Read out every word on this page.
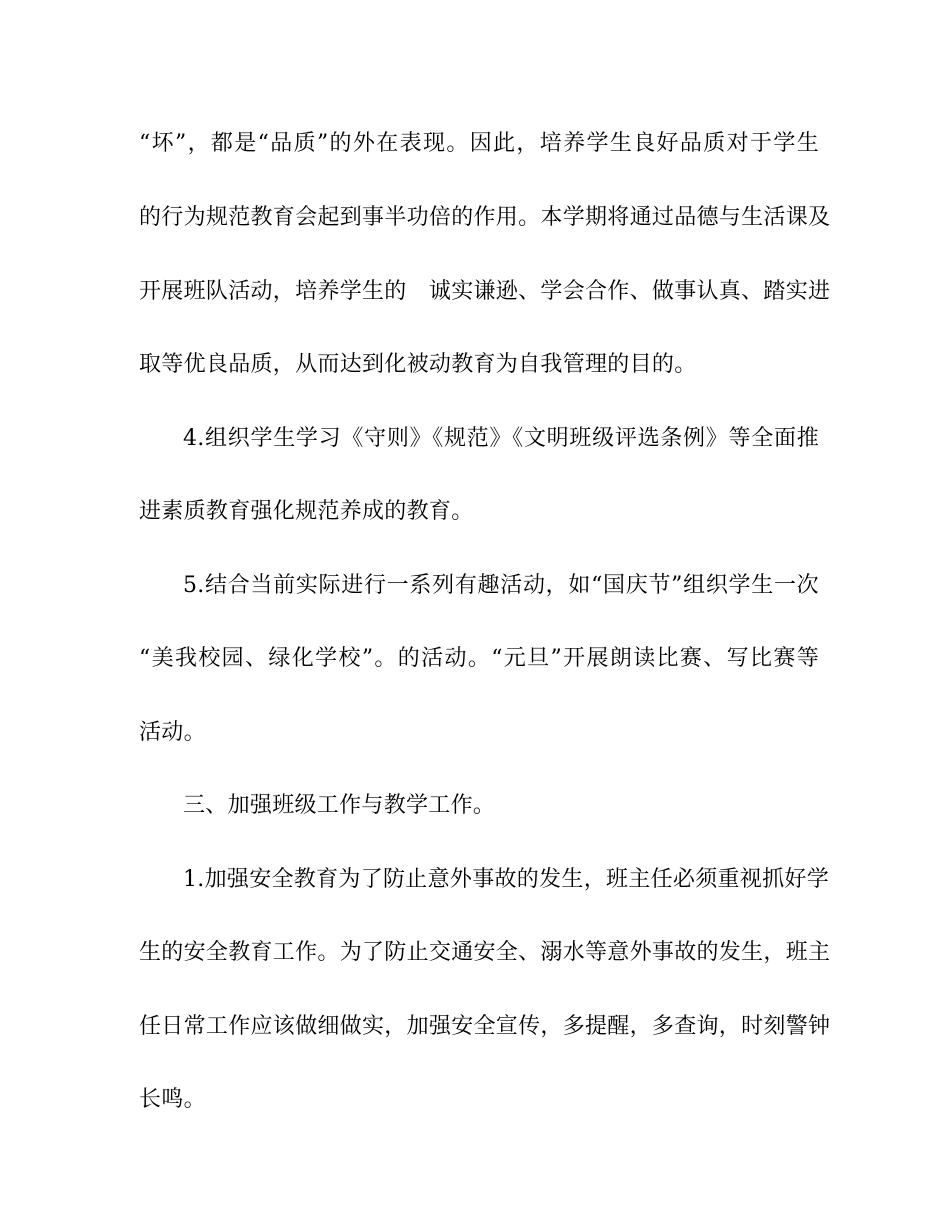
“坏”，都是“品质”的外在表现。因此，培养学生良好品质对于学生
的行为规范教育会起到事半功倍的作用。本学期将通过品德与生活课及
开展班队活动，培养学生的　诚实谦逊、学会合作、做事认真、踏实进
取等优良品质，从而达到化被动教育为自我管理的目的。
4.组织学生学习《守则》《规范》《文明班级评选条例》等全面推
进素质教育强化规范养成的教育。
5.结合当前实际进行一系列有趣活动，如“国庆节”组织学生一次
“美我校园、绿化学校”。的活动。“元旦”开展朗读比赛、写比赛等
活动。
三、加强班级工作与教学工作。
1.加强安全教育为了防止意外事故的发生，班主任必须重视抓好学
生的安全教育工作。为了防止交通安全、溺水等意外事故的发生，班主
任日常工作应该做细做实，加强安全宣传，多提醒，多查询，时刻警钟
长鸣。
